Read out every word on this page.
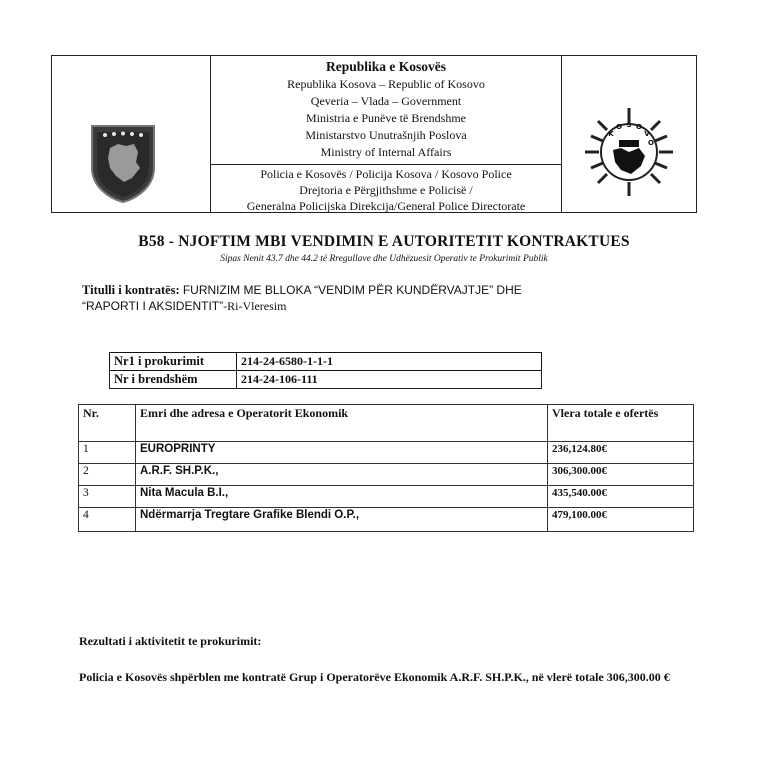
Republika e Kosovës
Republika Kosova – Republic of Kosovo
Qeveria – Vlada – Government
Ministria e Punëve të Brendshme
Ministarstvo Unutrašnjih Poslova
Ministry of Internal Affairs
Policia e Kosovës / Policija Kosova / Kosovo Police
Drejtoria e Përgjithshme e Policisë /
Generalna Policijska Direkcija/General Police Directorate
K
O S O
V
O
B58 - NJOFTIM MBI VENDIMIN E AUTORITETIT KONTRAKTUES
Sipas Nenit 43.7 dhe 44.2 të Rregullave dhe Udhëzuesit Operativ te Prokurimit Publik
Titulli i kontratës: FURNIZIM ME BLLOKA “VENDIM PËR KUNDËRVAJTJE” DHE
“RAPORTI I AKSIDENTIT”-Ri-Vleresim
Nr1 i prokurimit	214-24-6580-1-1-1
Nr i brendshëm	214-24-106-111
Nr.	Emri dhe adresa e Operatorit Ekonomik	Vlera totale e ofertës
1	EUROPRINTY	236,124.80€
2	A.R.F. SH.P.K.,	306,300.00€
3	Nita Macula B.I.,	435,540.00€
4	Ndërmarrja Tregtare Grafike Blendi O.P.,	479,100.00€
Rezultati i aktivitetit te prokurimit:
Policia e Kosovës shpërblen me kontratë Grup i Operatorëve Ekonomik A.R.F. SH.P.K., në vlerë totale 306,300.00 €
